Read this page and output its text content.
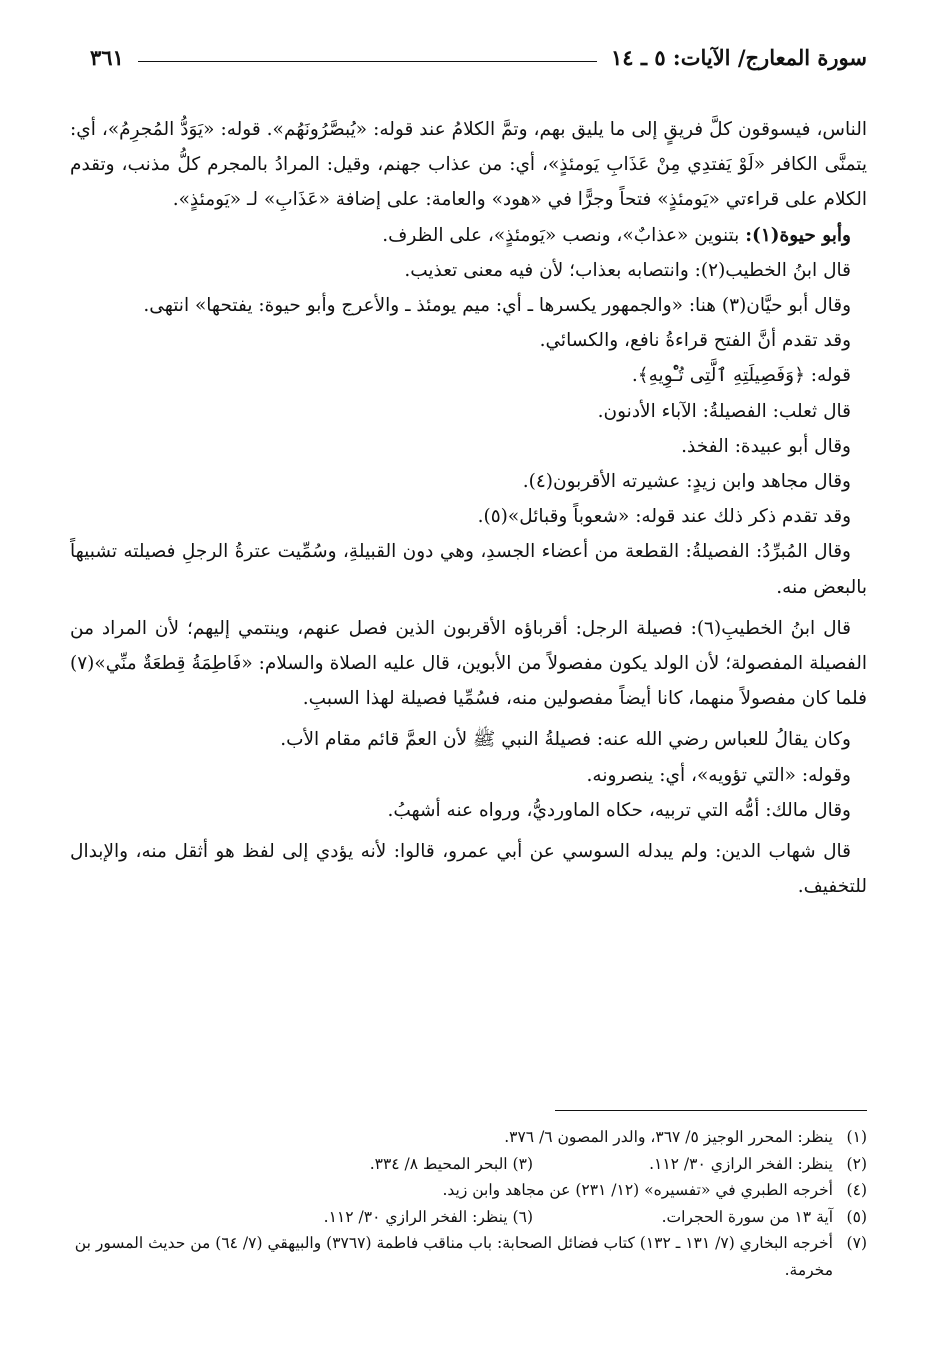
سورة المعارج/ الآيات: ٥ ـ ١٤
٣٦١

الناس، فيسوقون كلَّ فريقٍ إلى ما يليق بهم، وتمَّ الكلامُ عند قوله: «يُبصَّرُونَهُم». قوله: «يَوَدُّ المُجرِمُ»، أي: يتمنَّى الكافر «لَوْ يَفتدِي مِنْ عَذَابِ يَومئذٍ»، أي: من عذاب جهنم، وقيل: المرادُ بالمجرم كلُّ مذنب، وتقدم الكلام على قراءتي «يَومئذٍ» فتحاً وجرًّا في «هود» والعامة: على إضافة «عَذَابِ» لـ «يَومئذٍ».

وأبو حيوة(١): بتنوين «عذابٌ»، ونصب «يَومئذٍ»، على الظرف.

قال ابنُ الخطيب(٢): وانتصابه بعذاب؛ لأن فيه معنى تعذيب.

وقال أبو حيَّان(٣) هنا: «والجمهور يكسرها ـ أي: ميم يومئذ ـ والأعرج وأبو حيوة: يفتحها» انتهى.

وقد تقدم أنَّ الفتح قراءةُ نافع، والكسائي.

قوله: ﴿وَفَصِيلَتِهِ ٱلَّتِى تُـْٔوِيهِ﴾.

قال ثعلب: الفصيلةُ: الآباء الأدنون.

وقال أبو عبيدة: الفخذ.

وقال مجاهد وابن زيدٍ: عشيرته الأقربون(٤).

وقد تقدم ذكر ذلك عند قوله: «شعوباً وقبائل»(٥).

وقال المُبرِّدُ: الفصيلةُ: القطعة من أعضاء الجسدِ، وهي دون القبيلةِ، وسُمِّيت عترةُ الرجلِ فصيلته تشبيهاً بالبعض منه.

قال ابنُ الخطيبِ(٦): فصيلة الرجل: أقرباؤه الأقربون الذين فصل عنهم، وينتمي إليهم؛ لأن المراد من الفصيلة المفصولة؛ لأن الولد يكون مفصولاً من الأبوين، قال عليه الصلاة والسلام: «فَاطِمَةُ قِطعَةٌ منِّي»(٧) فلما كان مفصولاً منهما، كانا أيضاً مفصولين منه، فسُمِّيا فصيلة لهذا السببِ.

وكان يقالُ للعباس رضي الله عنه: فصيلةُ النبي ﷺ لأن العمَّ قائم مقام الأب.

وقوله: «التي تؤويه»، أي: ينصرونه.

وقال مالك: أمُّه التي تربيه، حكاه الماورديُّ، ورواه عنه أشهبُ.

قال شهاب الدين: ولم يبدله السوسي عن أبي عمرو، قالوا: لأنه يؤدي إلى لفظ هو أثقل منه، والإبدال للتخفيف.

(١)
ينظر: المحرر الوجيز ٥/ ٣٦٧، والدر المصون ٦/ ٣٧٦.
(٢)
ينظر: الفخر الرازي ٣٠/ ١١٢.(٣) البحر المحيط ٨/ ٣٣٤.
(٤)
أخرجه الطبري في «تفسيره» (١٢/ ٢٣١) عن مجاهد وابن زيد.
(٥)
آية ١٣ من سورة الحجرات.(٦) ينظر: الفخر الرازي ٣٠/ ١١٢.
(٧)
أخرجه البخاري (٧/ ١٣١ ـ ١٣٢) كتاب فضائل الصحابة: باب مناقب فاطمة (٣٧٦٧) والبيهقي (٧/ ٦٤) من حديث المسور بن مخرمة.
